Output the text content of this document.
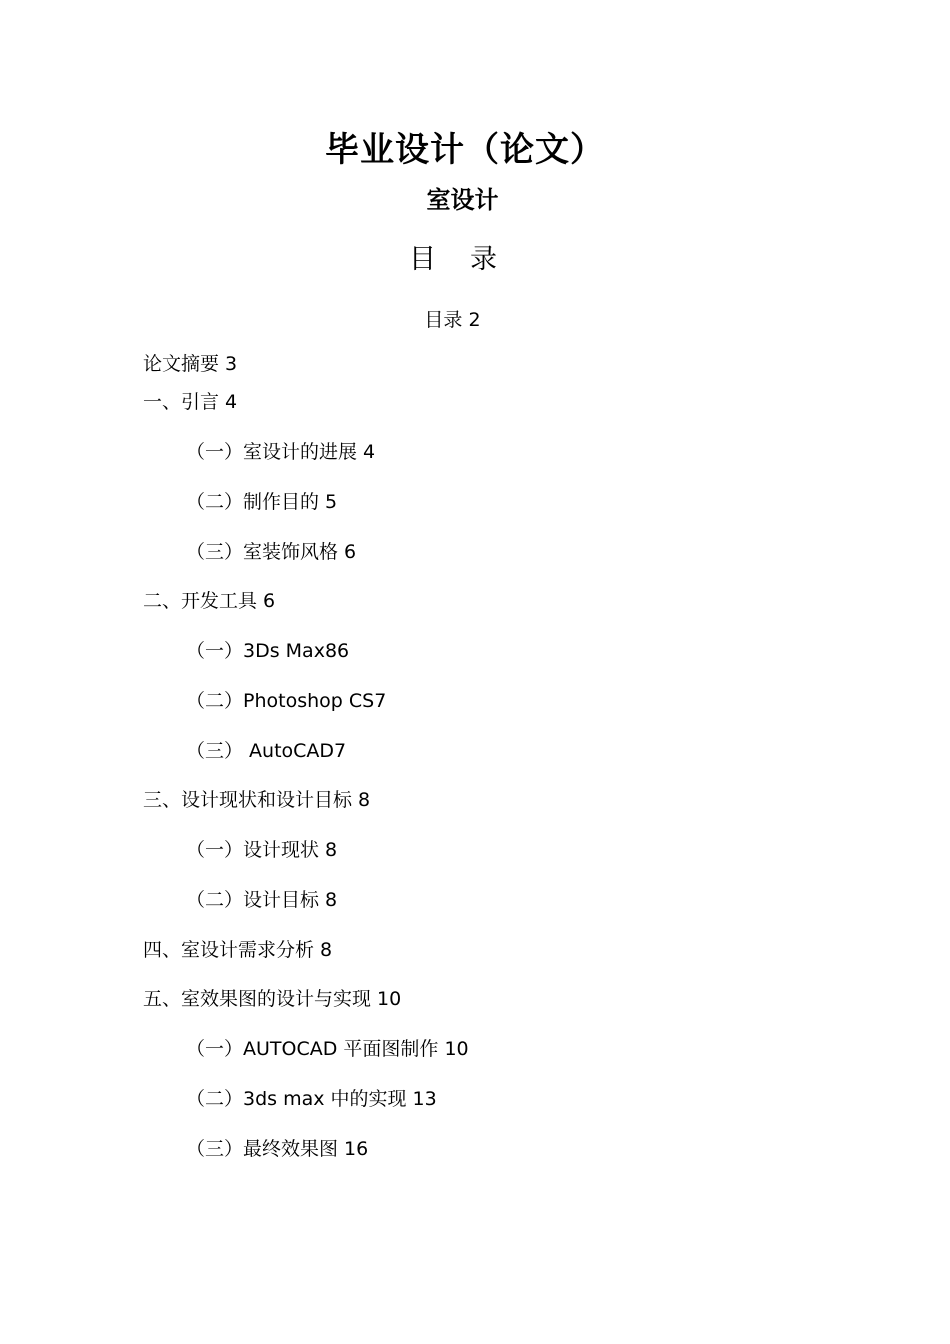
毕业设计（论文）
室设计
目录
目录 2
论文摘要 3
一、引言 4
（一）室设计的进展 4
（二）制作目的 5
（三）室装饰风格 6
二、开发工具 6
（一）3Ds Max86
（二）Photoshop CS7
（三） AutoCAD7
三、设计现状和设计目标 8
（一）设计现状 8
（二）设计目标 8
四、室设计需求分析 8
五、室效果图的设计与实现 10
（一）AUTOCAD 平面图制作 10
（二）3ds max 中的实现 13
（三）最终效果图 16
